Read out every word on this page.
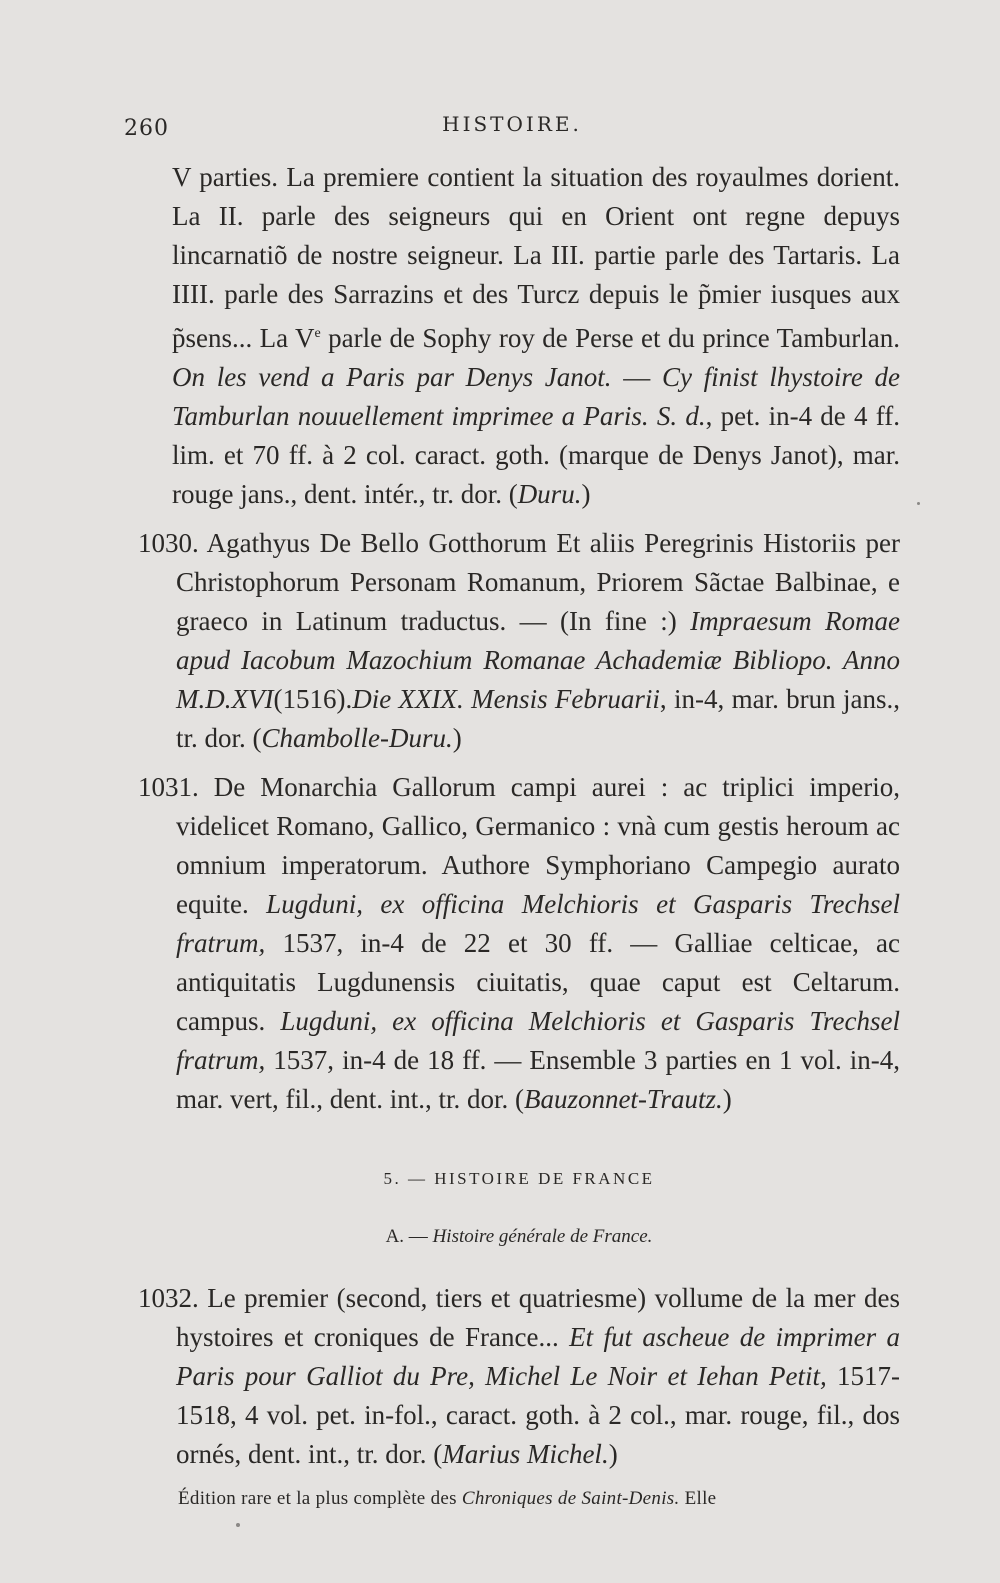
260	HISTOIRE.

V parties. La premiere contient la situation des royaulmes dorient. La II. parle des seigneurs qui en Orient ont regne depuys lincarnatiõ de nostre seigneur. La III. partie parle des Tartaris. La IIII. parle des Sarrazins et des Turcz depuis le p̃mier iusques aux p̃sens... La Ve parle de Sophy roy de Perse et du prince Tamburlan. On les vend a Paris par Denys Janot. — Cy finist lhystoire de Tamburlan nouuellement imprimee a Paris. S. d., pet. in-4 de 4 ff. lim. et 70 ff. à 2 col. caract. goth. (marque de Denys Janot), mar. rouge jans., dent. intér., tr. dor. (Duru.)

1030. Agathyus De Bello Gotthorum Et aliis Peregrinis Historiis per Christophorum Personam Romanum, Priorem Sãctae Balbinae, e graeco in Latinum traductus. — (In fine :) Impraesum Romae apud Iacobum Mazochium Romanae Achademiæ Bibliopo. Anno M.D.XVI(1516).Die XXIX. Mensis Februarii, in-4, mar. brun jans., tr. dor. (Chambolle-Duru.)

1031. De Monarchia Gallorum campi aurei : ac triplici imperio, videlicet Romano, Gallico, Germanico : vnà cum gestis heroum ac omnium imperatorum. Authore Symphoriano Campegio aurato equite. Lugduni, ex officina Melchioris et Gasparis Trechsel fratrum, 1537, in-4 de 22 et 30 ff. — Galliae celticae, ac antiquitatis Lugdunensis ciuitatis, quae caput est Celtarum. campus. Lugduni, ex officina Melchioris et Gasparis Trechsel fratrum, 1537, in-4 de 18 ff. — Ensemble 3 parties en 1 vol. in-4, mar. vert, fil., dent. int., tr. dor. (Bauzonnet-Trautz.)

5. — HISTOIRE DE FRANCE
A. — Histoire générale de France.

1032. Le premier (second, tiers et quatriesme) vollume de la mer des hystoires et croniques de France... Et fut ascheue de imprimer a Paris pour Galliot du Pre, Michel Le Noir et Iehan Petit, 1517-1518, 4 vol. pet. in-fol., caract. goth. à 2 col., mar. rouge, fil., dos ornés, dent. int., tr. dor. (Marius Michel.)

Édition rare et la plus complète des Chroniques de Saint-Denis. Elle
